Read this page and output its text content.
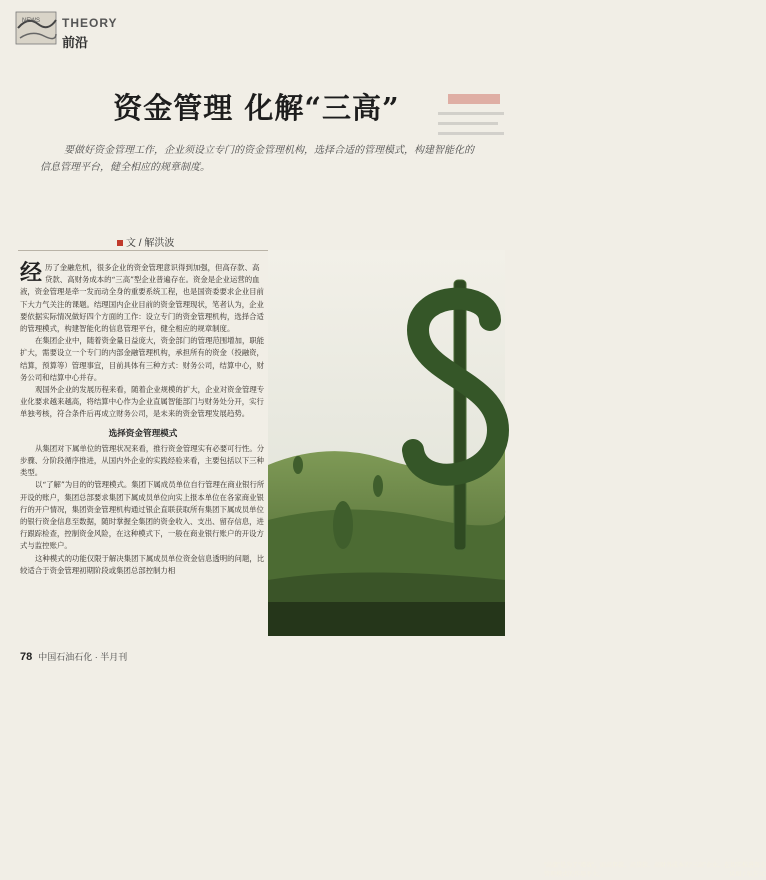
NEWS THEORY
前沿
资金管理 化解“三高”
要做好资金管理工作，企业须设立专门的资金管理机构，选择合适的管理模式，构建智能化的信息管理平台，健全相应的规章制度。
文 / 解洪波

经历了金融危机，很多企业的资金管理意识得到加强，但高存款、高贷款、高财务成本的“三高”型企业普遍存在。资金是企业运营的血液，资金管理是牵一发而动全身的重要系统工程，也是国资委要求企业目前下大力气关注的课题。结理国内企业目前的资金管理现状，笔者认为，企业要依据实际情况做好四个方面的工作：设立专门的资金管理机构，选择合适的管理模式，构建智能化的信息管理平台，健全相应的规章制度。

在集团企业中，随着资金量日益庞大，资金部门的管理范围增加，职能扩大，需要设立一个专门的内部金融管理机构，承担所有的资金（投融资，结算，预算等）管理事宜，目前具体有三种方式：财务公司，结算中心，财务公司和结算中心并存。

观国外企业的发展历程来看，随着企业规模的扩大，企业对资金管理专业化要求越来越高，将结算中心作为企业直属智能部门与财务处分开，实行单独考核，符合条件后再成立财务公司，是未来的资金管理发展趋势。

选择资金管理模式

从集团对下属单位的管理状况来看，推行资金管理实有必要可行性。分步骤、分阶段循序推进，从国内外企业的实践经验来看，主要包括以下三种类型。

以“了解”为目的的管理模式。集团下属成员单位自行管理在商业银行所开设的账户，集团总部要求集团下属成员单位向实上报本单位在各家商业银行的开户情况，集团资金管理机构通过银企直联获取所有集团下属成员单位的银行资金信息至数据，随时掌握全集团的资金收入、支出、留存信息，进行跟踪检查，控制资金风险，在这种模式下，一般在商业银行账户的开设方式与监控账户。

这种模式的功能仅限于解决集团下属成员单位资金信息透明的问题，比较适合于资金管理初期阶段或集团总部控制力相

“高储”是为了“增效”，而高存款、高贷款、高财务成本的“三高”企业，在切实推进资金管理模式的作用不大。	供图 / 东方 IC
78 中国石油石化 · 半月刊
